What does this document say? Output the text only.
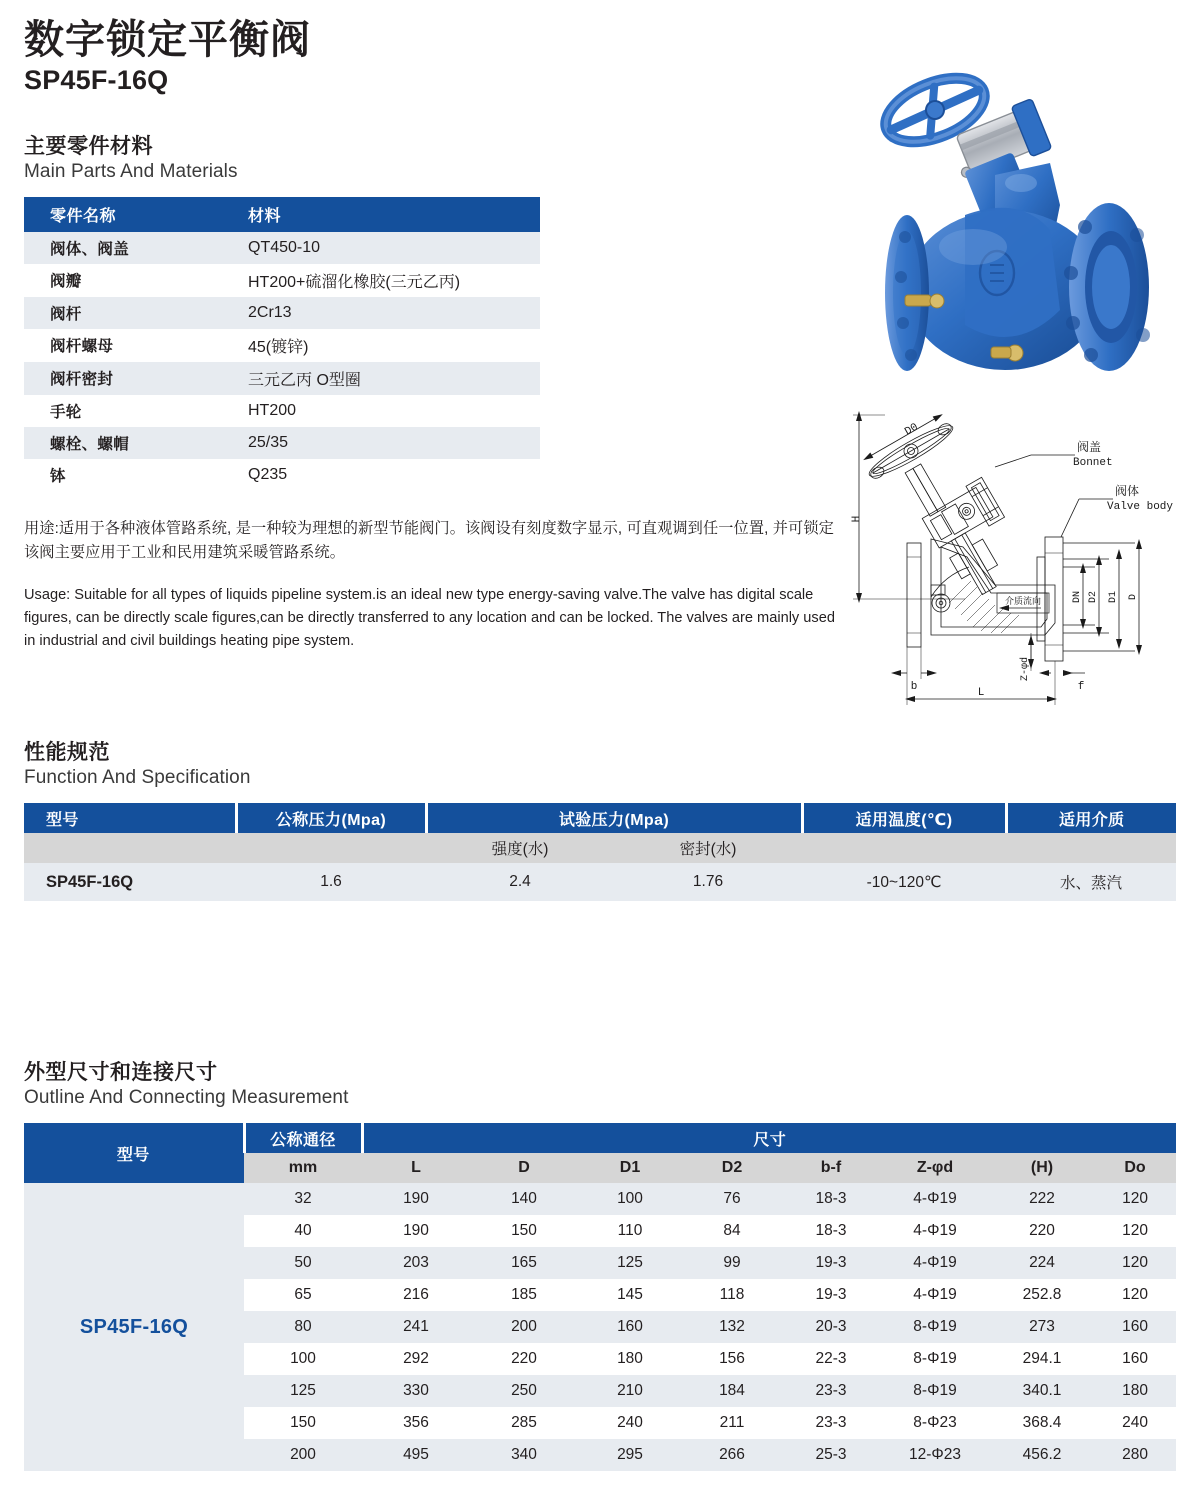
数字锁定平衡阀
SP45F-16Q
主要零件材料
Main Parts And Materials
零件名称	材料
阀体、阀盖	QT450-10
阀瓣	HT200+硫溜化橡胶(三元乙丙)
阀杆	2Cr13
阀杆螺母	45(镀锌)
阀杆密封	三元乙丙 O型圈
手轮	HT200
螺栓、螺帽	25/35
钵	Q235

用途:适用于各种液体管路系统, 是一种较为理想的新型节能阀门。该阀设有刻度数字显示, 可直观调到任一位置, 并可锁定 该阀主要应用于工业和民用建筑采暖管路系统。

Usage: Suitable for all types of liquids pipeline system.is an ideal new type energy-saving valve.The valve has digital scale figures, can be directly scale figures,can be directly transferred to any location and can be locked. The valves are mainly used in industrial and civil buildings heating pipe system.

H
D0
阀盖
Bonnet
阀体
Valve body
DN D2 D1 D
b
Z-φd
f
L
介质流向
性能规范
Function And Specification
型号	公称压力(Mpa)	试验压力(Mpa)		适用温度(℃)	适用介质
		强度(水)	密封(水)		
SP45F-16Q	1.6	2.4	1.76	-10~120℃	水、蒸汽
外型尺寸和连接尺寸
Outline And Connecting Measurement
型号	公称通径	尺寸							
	mm	L	D	D1	D2	b-f	Z-φd	(H)	Do
SP45F-16Q	32	190	140	100	76	18-3	4-Φ19	222	120
	40	190	150	110	84	18-3	4-Φ19	220	120
	50	203	165	125	99	19-3	4-Φ19	224	120
	65	216	185	145	118	19-3	4-Φ19	252.8	120
	80	241	200	160	132	20-3	8-Φ19	273	160
	100	292	220	180	156	22-3	8-Φ19	294.1	160
	125	330	250	210	184	23-3	8-Φ19	340.1	180
	150	356	285	240	211	23-3	8-Φ23	368.4	240
	200	495	340	295	266	25-3	12-Φ23	456.2	280
